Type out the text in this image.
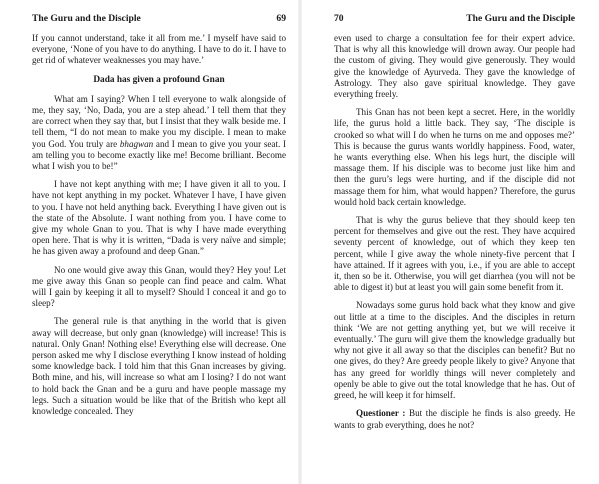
The Guru and the Disciple	69

If you cannot understand, take it all from me.’ I myself have said to everyone, ‘None of you have to do anything. I have to do it. I have to get rid of whatever weaknesses you may have.’

Dada has given a profound Gnan

What am I saying? When I tell everyone to walk alongside of me, they say, ‘No, Dada, you are a step ahead.’ I tell them that they are correct when they say that, but I insist that they walk beside me. I tell them, “I do not mean to make you my disciple. I mean to make you God. You truly are bhagwan and I mean to give you your seat. I am telling you to become exactly like me! Become brilliant. Become what I wish you to be!”

I have not kept anything with me; I have given it all to you. I have not kept anything in my pocket. Whatever I have, I have given to you. I have not held anything back. Everything I have given out is the state of the Absolute. I want nothing from you. I have come to give my whole Gnan to you. That is why I have made everything open here. That is why it is written, “Dada is very naïve and simple; he has given away a profound and deep Gnan.”

No one would give away this Gnan, would they? Hey you! Let me give away this Gnan so people can find peace and calm. What will I gain by keeping it all to myself? Should I conceal it and go to sleep?

The general rule is that anything in the world that is given away will decrease, but only gnan (knowledge) will increase! This is natural. Only Gnan! Nothing else! Everything else will decrease. One person asked me why I disclose everything I know instead of holding some knowledge back. I told him that this Gnan increases by giving. Both mine, and his, will increase so what am I losing? I do not want to hold back the Gnan and be a guru and have people massage my legs. Such a situation would be like that of the British who kept all knowledge concealed. They

70	The Guru and the Disciple

even used to charge a consultation fee for their expert advice. That is why all this knowledge will drown away. Our people had the custom of giving. They would give generously. They would give the knowledge of Ayurveda. They gave the knowledge of Astrology. They also gave spiritual knowledge. They gave everything freely.

This Gnan has not been kept a secret. Here, in the worldly life, the gurus hold a little back. They say, ‘The disciple is crooked so what will I do when he turns on me and opposes me?’ This is because the gurus wants worldly happiness. Food, water, he wants everything else. When his legs hurt, the disciple will massage them. If his disciple was to become just like him and then the guru’s legs were hurting, and if the disciple did not massage them for him, what would happen? Therefore, the gurus would hold back certain knowledge.

That is why the gurus believe that they should keep ten percent for themselves and give out the rest. They have acquired seventy percent of knowledge, out of which they keep ten percent, while I give away the whole ninety-five percent that I have attained. If it agrees with you, i.e., if you are able to accept it, then so be it. Otherwise, you will get diarrhea (you will not be able to digest it) but at least you will gain some benefit from it.

Nowadays some gurus hold back what they know and give out little at a time to the disciples. And the disciples in return think ‘We are not getting anything yet, but we will receive it eventually.’ The guru will give them the knowledge gradually but why not give it all away so that the disciples can benefit? But no one gives, do they? Are greedy people likely to give? Anyone that has any greed for worldly things will never completely and openly be able to give out the total knowledge that he has. Out of greed, he will keep it for himself.

Questioner : But the disciple he finds is also greedy. He wants to grab everything, does he not?
